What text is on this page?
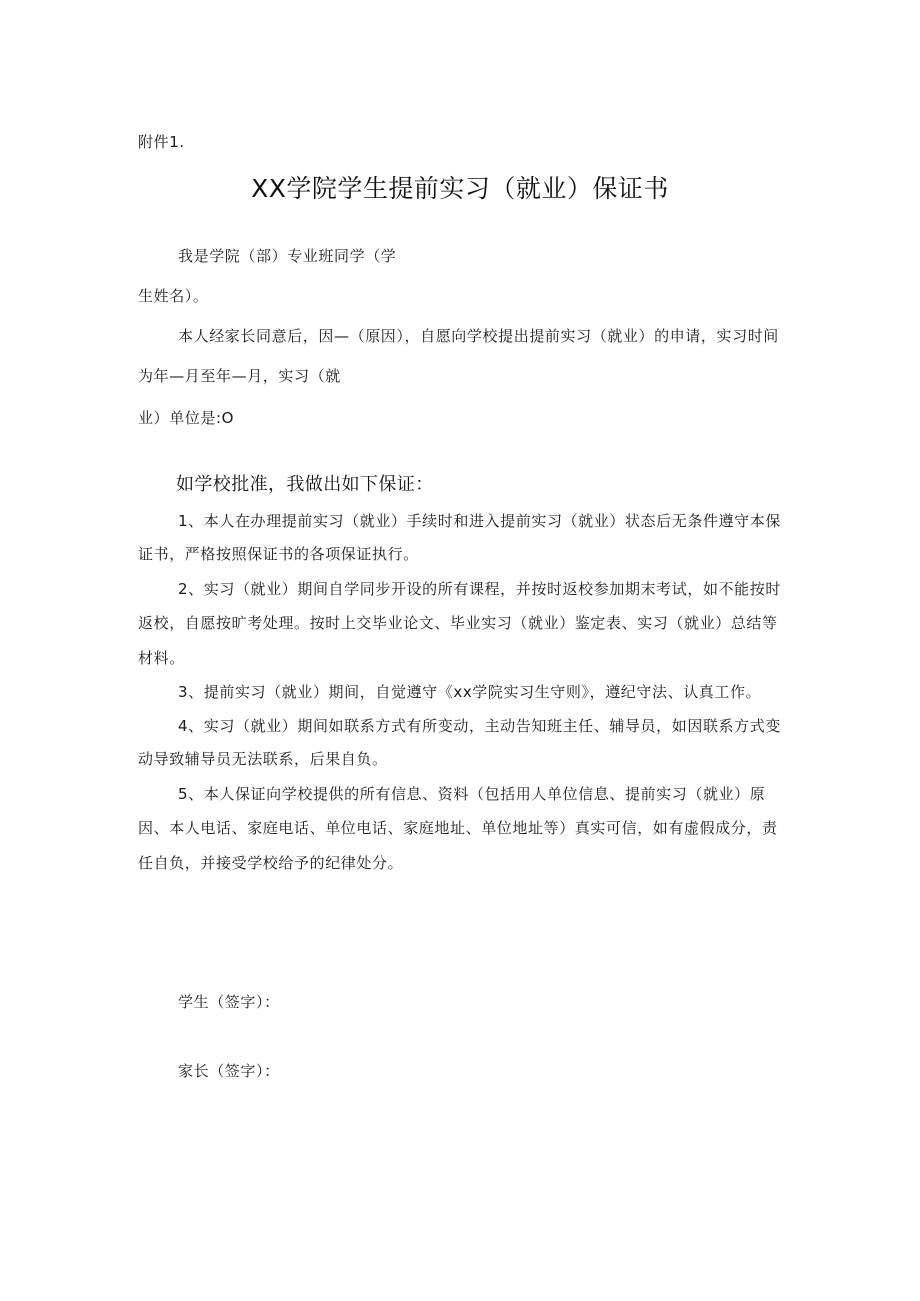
附件1.
XX学院学生提前实习（就业）保证书
我是学院（部）专业班同学（学
生姓名）。
本人经家长同意后，因—（原因），自愿向学校提出提前实习（就业）的申请，实习时间
为年—月至年—月，实习（就
业）单位是:O
如学校批准，我做出如下保证：
1、本人在办理提前实习（就业）手续时和进入提前实习（就业）状态后无条件遵守本保
证书，严格按照保证书的各项保证执行。
2、实习（就业）期间自学同步开设的所有课程，并按时返校参加期末考试，如不能按时
返校，自愿按旷考处理。按时上交毕业论文、毕业实习（就业）鉴定表、实习（就业）总结等
材料。
3、提前实习（就业）期间，自觉遵守《xx学院实习生守则》，遵纪守法、认真工作。
4、实习（就业）期间如联系方式有所变动，主动告知班主任、辅导员，如因联系方式变
动导致辅导员无法联系，后果自负。
5、本人保证向学校提供的所有信息、资料（包括用人单位信息、提前实习（就业）原
因、本人电话、家庭电话、单位电话、家庭地址、单位地址等）真实可信，如有虚假成分，责
任自负，并接受学校给予的纪律处分。
学生（签字）：
家长（签字）：
